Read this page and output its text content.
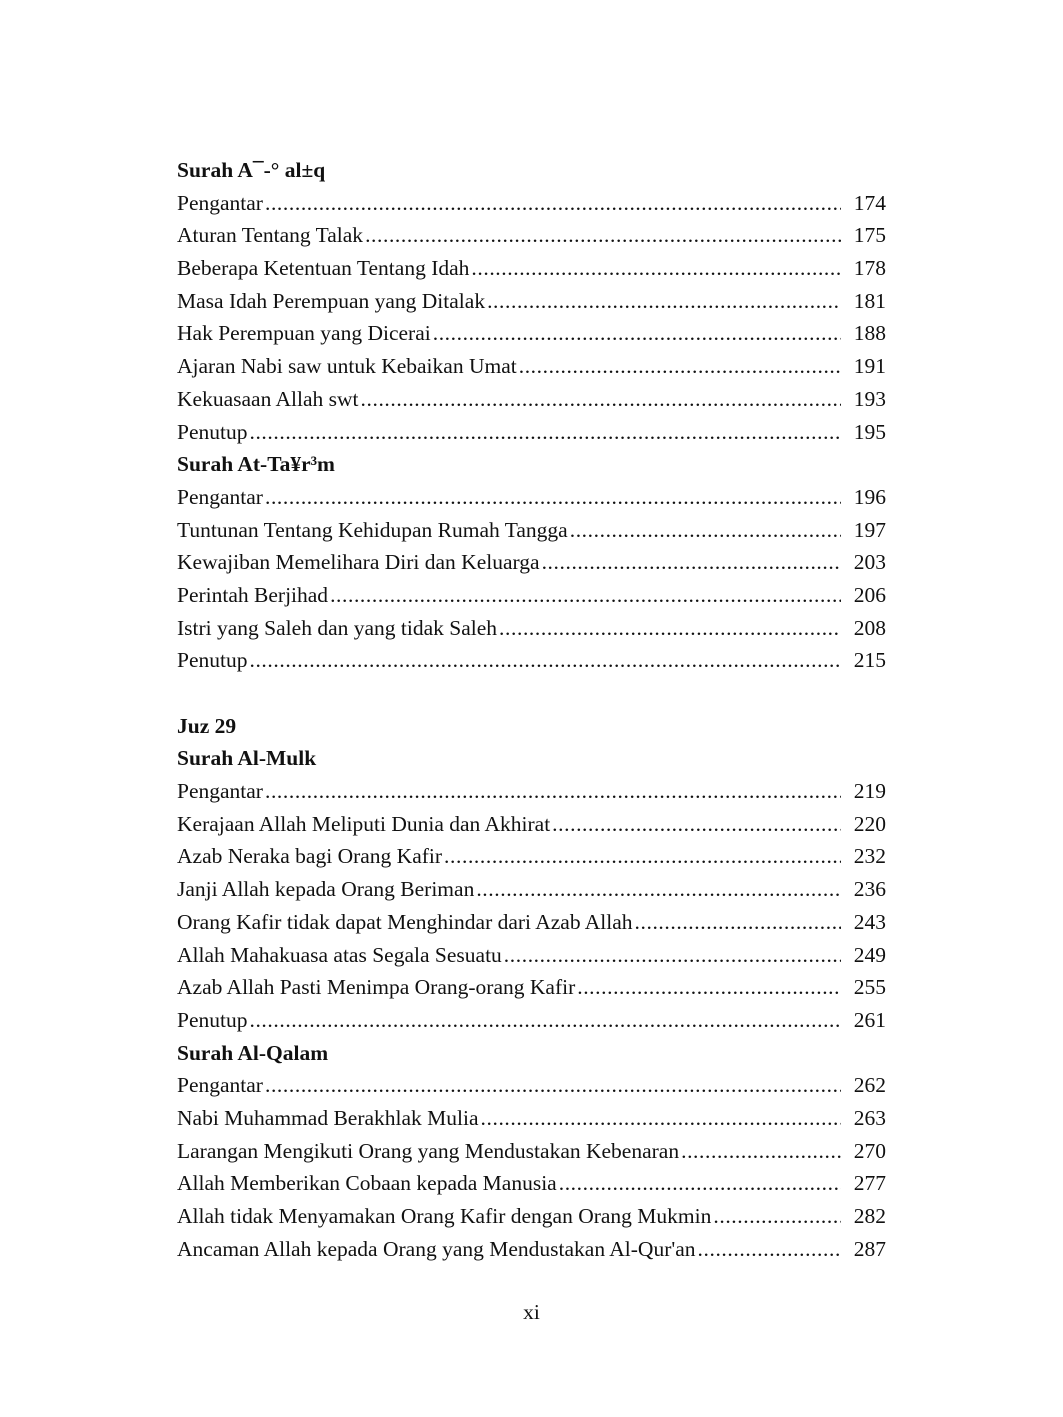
Surah A¯-° al±q
Pengantar .....	174
Aturan Tentang Talak .....	175
Beberapa Ketentuan Tentang Idah .....	178
Masa Idah Perempuan yang Ditalak .....	181
Hak Perempuan yang Dicerai .....	188
Ajaran Nabi saw untuk Kebaikan Umat .....	191
Kekuasaan Allah swt .....	193
Penutup .....	195
Surah At-Ta¥r³m
Pengantar .....	196
Tuntunan Tentang Kehidupan Rumah Tangga .....	197
Kewajiban Memelihara Diri dan Keluarga .....	203
Perintah Berjihad .....	206
Istri yang Saleh dan yang tidak Saleh .....	208
Penutup .....	215
Juz 29
Surah Al-Mulk
Pengantar .....	219
Kerajaan Allah Meliputi Dunia dan Akhirat .....	220
Azab Neraka bagi Orang Kafir .....	232
Janji Allah kepada Orang Beriman .....	236
Orang Kafir tidak dapat Menghindar dari Azab Allah .....	243
Allah Mahakuasa atas Segala Sesuatu .....	249
Azab Allah Pasti Menimpa Orang-orang Kafir .....	255
Penutup .....	261
Surah Al-Qalam
Pengantar .....	262
Nabi Muhammad Berakhlak Mulia .....	263
Larangan Mengikuti Orang yang Mendustakan Kebenaran .....	270
Allah Memberikan Cobaan kepada Manusia .....	277
Allah tidak Menyamakan Orang Kafir dengan Orang Mukmin .....	282
Ancaman Allah kepada Orang yang Mendustakan Al-Qur'an .....	287
xi
